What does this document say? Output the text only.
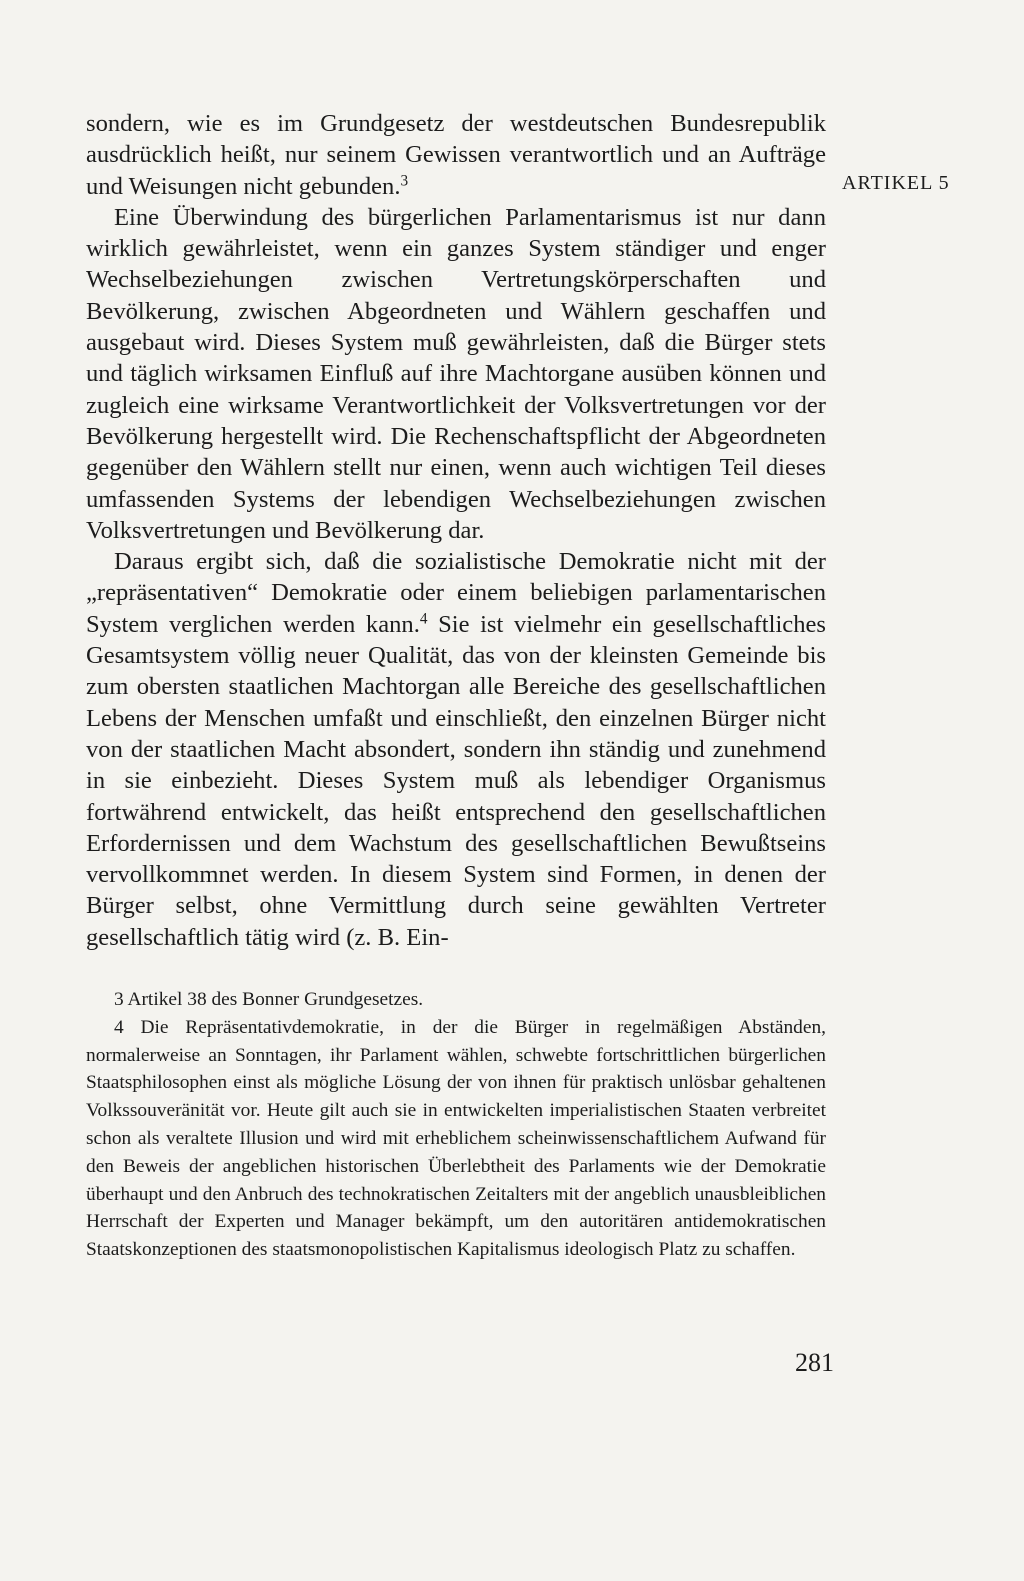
sondern, wie es im Grundgesetz der westdeutschen Bundesrepublik ausdrücklich heißt, nur seinem Gewissen verantwortlich und an Aufträge und Weisungen nicht gebunden.$^3$

Eine Überwindung des bürgerlichen Parlamentarismus ist nur dann wirklich gewährleistet, wenn ein ganzes System ständiger und enger Wechselbeziehungen zwischen Vertretungskörperschaften und Bevölkerung, zwischen Abgeordneten und Wählern geschaffen und ausgebaut wird. Dieses System muß gewährleisten, daß die Bürger stets und täglich wirksamen Einfluß auf ihre Machtorgane ausüben können und zugleich eine wirksame Verantwortlichkeit der Volksvertretungen vor der Bevölkerung hergestellt wird. Die Rechenschaftspflicht der Abgeordneten gegenüber den Wählern stellt nur einen, wenn auch wichtigen Teil dieses umfassenden Systems der lebendigen Wechselbeziehungen zwischen Volksvertretungen und Bevölkerung dar.

Daraus ergibt sich, daß die sozialistische Demokratie nicht mit der „repräsentativen“ Demokratie oder einem beliebigen parlamentarischen System verglichen werden kann.$^4$ Sie ist vielmehr ein gesellschaftliches Gesamtsystem völlig neuer Qualität, das von der kleinsten Gemeinde bis zum obersten staatlichen Machtorgan alle Bereiche des gesellschaftlichen Lebens der Menschen umfaßt und einschließt, den einzelnen Bürger nicht von der staatlichen Macht absondert, sondern ihn ständig und zunehmend in sie einbezieht. Dieses System muß als lebendiger Organismus fortwährend entwickelt, das heißt entsprechend den gesellschaftlichen Erfordernissen und dem Wachstum des gesellschaftlichen Bewußtseins vervollkommnet werden. In diesem System sind Formen, in denen der Bürger selbst, ohne Vermittlung durch seine gewählten Vertreter gesellschaftlich tätig wird (z. B. Ein-

ARTIKEL 5

3 Artikel 38 des Bonner Grundgesetzes.

4 Die Repräsentativdemokratie, in der die Bürger in regelmäßigen Abständen, normalerweise an Sonntagen, ihr Parlament wählen, schwebte fortschrittlichen bürgerlichen Staatsphilosophen einst als mögliche Lösung der von ihnen für praktisch unlösbar gehaltenen Volkssouveränität vor. Heute gilt auch sie in entwickelten imperialistischen Staaten verbreitet schon als veraltete Illusion und wird mit erheblichem scheinwissenschaftlichem Aufwand für den Beweis der angeblichen historischen Überlebtheit des Parlaments wie der Demokratie überhaupt und den Anbruch des technokratischen Zeitalters mit der angeblich unausbleiblichen Herrschaft der Experten und Manager bekämpft, um den autoritären antidemokratischen Staatskonzeptionen des staatsmonopolistischen Kapitalismus ideologisch Platz zu schaffen.

281
